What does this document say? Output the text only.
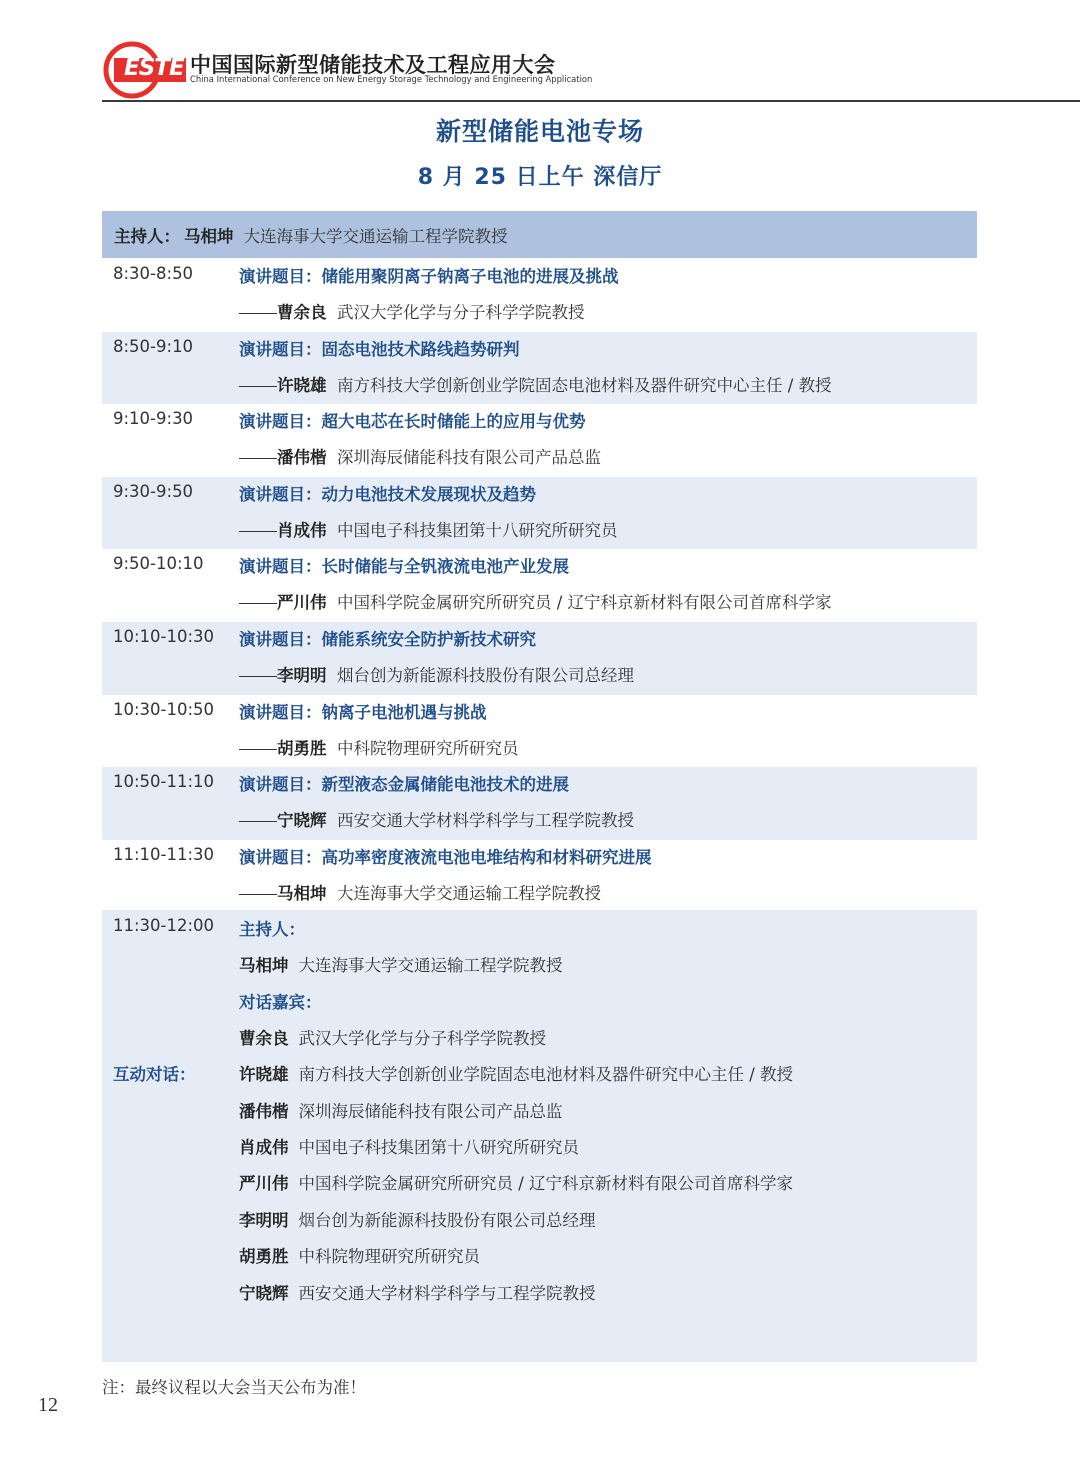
ESTE 中国国际新型储能技术及工程应用大会
China International Conference on New Energy Storage Technology and Engineering Application
新型储能电池专场
8 月 25 日上午 深信厅
主持人： 马相坤 大连海事大学交通运输工程学院教授
8:30-8:50	演讲题目：储能用聚阴离子钠离子电池的进展及挑战
曹余良 武汉大学化学与分子科学学院教授
8:50-9:10	演讲题目：固态电池技术路线趋势研判
许晓雄 南方科技大学创新创业学院固态电池材料及器件研究中心主任 / 教授
9:10-9:30	演讲题目：超大电芯在长时储能上的应用与优势
潘伟楷 深圳海辰储能科技有限公司产品总监
9:30-9:50	演讲题目：动力电池技术发展现状及趋势
肖成伟 中国电子科技集团第十八研究所研究员
9:50-10:10 演讲题目：长时储能与全钒液流电池产业发展
严川伟 中国科学院金属研究所研究员 / 辽宁科京新材料有限公司首席科学家
10:10-10:30 演讲题目：储能系统安全防护新技术研究
李明明 烟台创为新能源科技股份有限公司总经理
10:30-10:50 演讲题目：钠离子电池机遇与挑战
胡勇胜 中科院物理研究所研究员
10:50-11:10 演讲题目：新型液态金属储能电池技术的进展
宁晓辉 西安交通大学材料学科学与工程学院教授
11:10-11:30 演讲题目：高功率密度液流电池电堆结构和材料研究进展
马相坤 大连海事大学交通运输工程学院教授
11:30-12:00
互动对话：
主持人：
马相坤 大连海事大学交通运输工程学院教授
对话嘉宾：
曹余良 武汉大学化学与分子科学学院教授
许晓雄 南方科技大学创新创业学院固态电池材料及器件研究中心主任 / 教授
潘伟楷 深圳海辰储能科技有限公司产品总监
肖成伟 中国电子科技集团第十八研究所研究员
严川伟 中国科学院金属研究所研究员 / 辽宁科京新材料有限公司首席科学家
李明明 烟台创为新能源科技股份有限公司总经理
胡勇胜 中科院物理研究所研究员
宁晓辉 西安交通大学材料学科学与工程学院教授
注：最终议程以大会当天公布为准！
12
